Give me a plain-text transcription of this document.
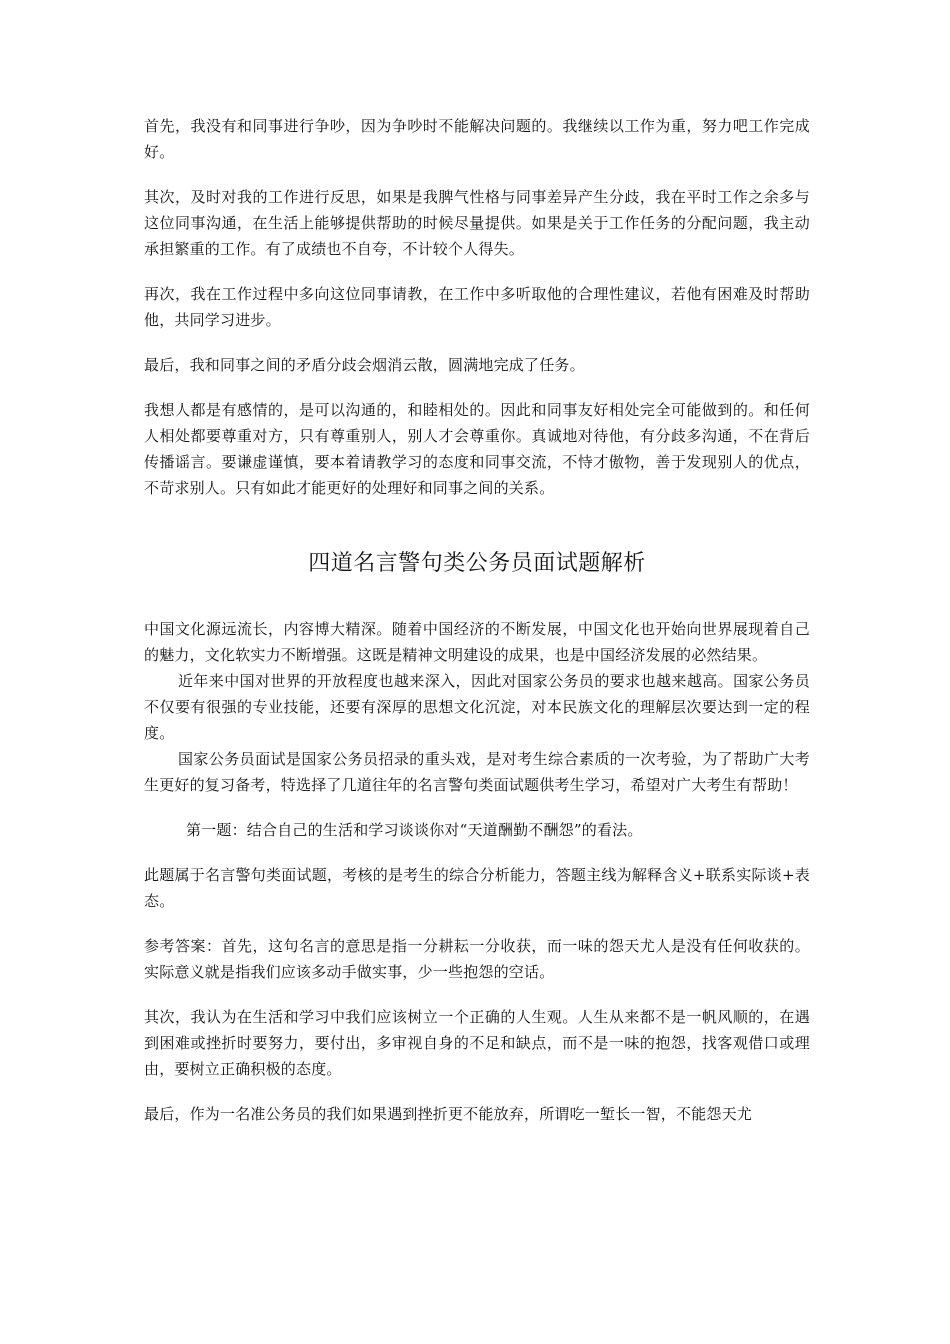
首先，我没有和同事进行争吵，因为争吵时不能解决问题的。我继续以工作为重，努力吧工作完成好。

其次，及时对我的工作进行反思，如果是我脾气性格与同事差异产生分歧，我在平时工作之余多与这位同事沟通，在生活上能够提供帮助的时候尽量提供。如果是关于工作任务的分配问题，我主动承担繁重的工作。有了成绩也不自夸，不计较个人得失。

再次，我在工作过程中多向这位同事请教，在工作中多听取他的合理性建议，若他有困难及时帮助他，共同学习进步。

最后，我和同事之间的矛盾分歧会烟消云散，圆满地完成了任务。

我想人都是有感情的，是可以沟通的，和睦相处的。因此和同事友好相处完全可能做到的。和任何人相处都要尊重对方，只有尊重别人，别人才会尊重你。真诚地对待他，有分歧多沟通，不在背后传播谣言。要谦虚谨慎，要本着请教学习的态度和同事交流，不恃才傲物，善于发现别人的优点，不苛求别人。只有如此才能更好的处理好和同事之间的关系。

四道名言警句类公务员面试题解析

中国文化源远流长，内容博大精深。随着中国经济的不断发展，中国文化也开始向世界展现着自己的魅力，文化软实力不断增强。这既是精神文明建设的成果，也是中国经济发展的必然结果。

近年来中国对世界的开放程度也越来深入，因此对国家公务员的要求也越来越高。国家公务员不仅要有很强的专业技能，还要有深厚的思想文化沉淀，对本民族文化的理解层次要达到一定的程度。

国家公务员面试是国家公务员招录的重头戏，是对考生综合素质的一次考验，为了帮助广大考生更好的复习备考，特选择了几道往年的名言警句类面试题供考生学习，希望对广大考生有帮助！

第一题：结合自己的生活和学习谈谈你对“天道酬勤不酬怨”的看法。

此题属于名言警句类面试题，考核的是考生的综合分析能力，答题主线为解释含义+联系实际谈+表态。

参考答案：首先，这句名言的意思是指一分耕耘一分收获，而一味的怨天尤人是没有任何收获的。实际意义就是指我们应该多动手做实事，少一些抱怨的空话。

其次，我认为在生活和学习中我们应该树立一个正确的人生观。人生从来都不是一帆风顺的，在遇到困难或挫折时要努力，要付出，多审视自身的不足和缺点，而不是一味的抱怨，找客观借口或理由，要树立正确积极的态度。

最后，作为一名准公务员的我们如果遇到挫折更不能放弃，所谓吃一堑长一智，不能怨天尤
